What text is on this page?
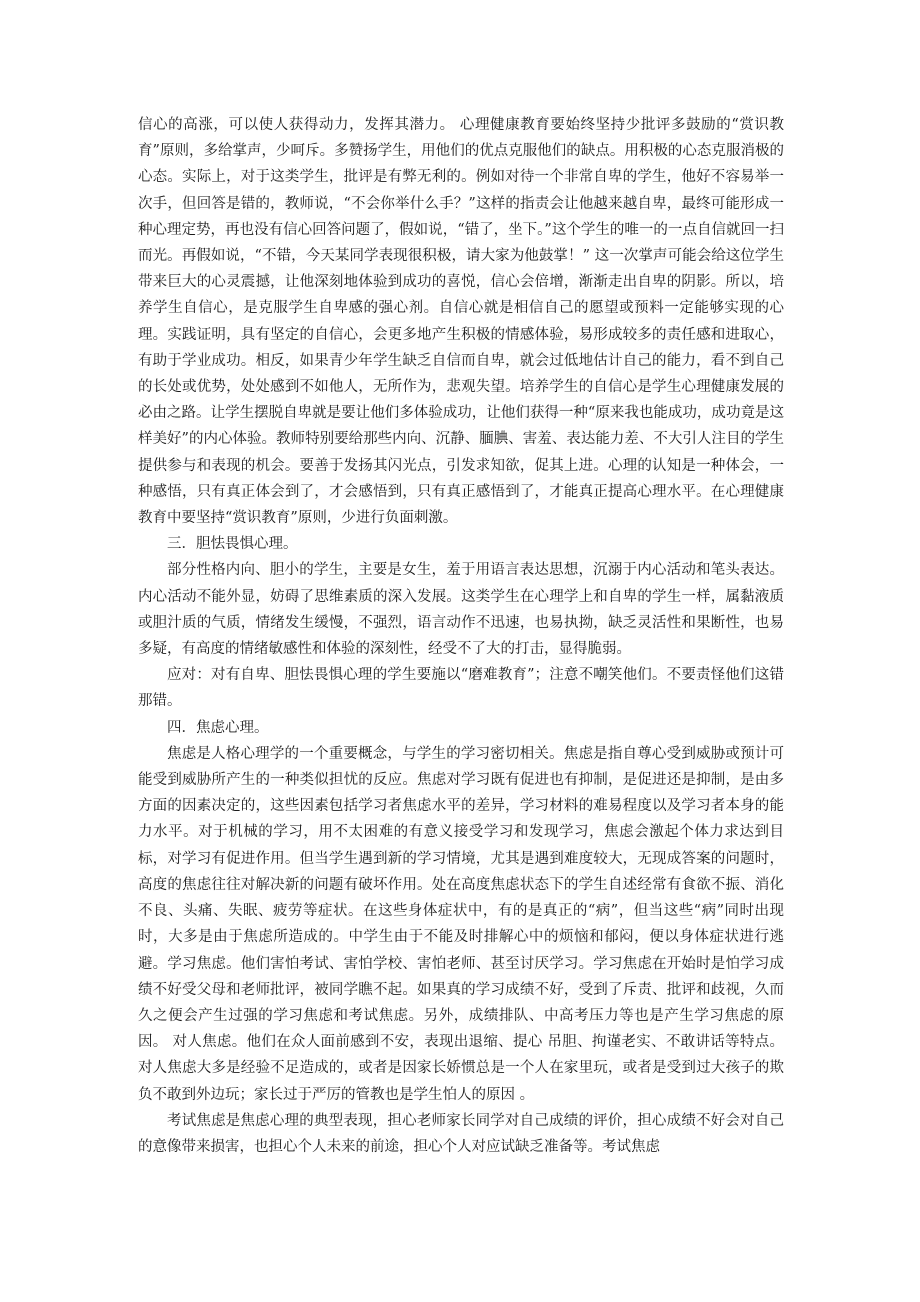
信心的高涨，可以使人获得动力，发挥其潜力。 心理健康教育要始终坚持少批评多鼓励的“赏识教育”原则，多给掌声，少呵斥。多赞扬学生，用他们的优点克服他们的缺点。用积极的心态克服消极的心态。实际上，对于这类学生，批评是有弊无利的。例如对待一个非常自卑的学生，他好不容易举一次手，但回答是错的，教师说，“不会你举什么手？”这样的指责会让他越来越自卑，最终可能形成一种心理定势，再也没有信心回答问题了，假如说，“错了，坐下。”这个学生的唯一的一点自信就回一扫而光。再假如说，“不错，今天某同学表现很积极，请大家为他鼓掌！” 这一次掌声可能会给这位学生带来巨大的心灵震撼，让他深刻地体验到成功的喜悦，信心会倍增，渐渐走出自卑的阴影。所以，培养学生自信心，是克服学生自卑感的强心剂。自信心就是相信自己的愿望或预料一定能够实现的心理。实践证明，具有坚定的自信心，会更多地产生积极的情感体验，易形成较多的责任感和进取心，有助于学业成功。相反，如果青少年学生缺乏自信而自卑，就会过低地估计自己的能力，看不到自己的长处或优势，处处感到不如他人，无所作为，悲观失望。培养学生的自信心是学生心理健康发展的必由之路。让学生摆脱自卑就是要让他们多体验成功，让他们获得一种“原来我也能成功，成功竟是这样美好”的内心体验。教师特别要给那些内向、沉静、腼腆、害羞、表达能力差、不大引人注目的学生提供参与和表现的机会。要善于发扬其闪光点，引发求知欲，促其上进。心理的认知是一种体会，一种感悟，只有真正体会到了，才会感悟到，只有真正感悟到了，才能真正提高心理水平。在心理健康教育中要坚持“赏识教育”原则，少进行负面刺激。

三．胆怯畏惧心理。

部分性格内向、胆小的学生，主要是女生，羞于用语言表达思想，沉溺于内心活动和笔头表达。内心活动不能外显，妨碍了思维素质的深入发展。这类学生在心理学上和自卑的学生一样，属黏液质或胆汁质的气质，情绪发生缓慢，不强烈，语言动作不迅速，也易执拗，缺乏灵活性和果断性，也易多疑，有高度的情绪敏感性和体验的深刻性，经受不了大的打击，显得脆弱。

应对：对有自卑、胆怯畏惧心理的学生要施以“磨难教育”；注意不嘲笑他们。不要责怪他们这错那错。

四．焦虑心理。

焦虑是人格心理学的一个重要概念，与学生的学习密切相关。焦虑是指自尊心受到威胁或预计可能受到威胁所产生的一种类似担忧的反应。焦虑对学习既有促进也有抑制，是促进还是抑制，是由多方面的因素决定的，这些因素包括学习者焦虑水平的差异，学习材料的难易程度以及学习者本身的能力水平。对于机械的学习，用不太困难的有意义接受学习和发现学习，焦虑会激起个体力求达到目标，对学习有促进作用。但当学生遇到新的学习情境，尤其是遇到难度较大，无现成答案的问题时，高度的焦虑往往对解决新的问题有破坏作用。处在高度焦虑状态下的学生自述经常有食欲不振、消化不良、头痛、失眠、疲劳等症状。在这些身体症状中，有的是真正的“病”，但当这些“病”同时出现时，大多是由于焦虑所造成的。中学生由于不能及时排解心中的烦恼和郁闷，便以身体症状进行逃避。学习焦虑。他们害怕考试、害怕学校、害怕老师、甚至讨厌学习。学习焦虑在开始时是怕学习成绩不好受父母和老师批评，被同学瞧不起。如果真的学习成绩不好，受到了斥责、批评和歧视，久而久之便会产生过强的学习焦虑和考试焦虑。另外，成绩排队、中高考压力等也是产生学习焦虑的原因。 对人焦虑。他们在众人面前感到不安，表现出退缩、提心 吊胆、拘谨老实、不敢讲话等特点。对人焦虑大多是经验不足造成的，或者是因家长娇惯总是一个人在家里玩，或者是受到过大孩子的欺负不敢到外边玩；家长过于严厉的管教也是学生怕人的原因 。

考试焦虑是焦虑心理的典型表现，担心老师家长同学对自己成绩的评价，担心成绩不好会对自己的意像带来损害，也担心个人未来的前途，担心个人对应试缺乏准备等。考试焦虑
